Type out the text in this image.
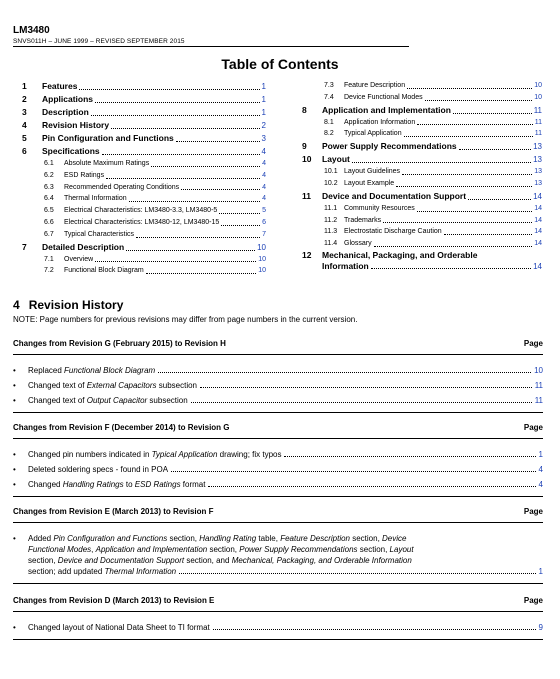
LM3480
SNVS011H – JUNE 1999 – REVISED SEPTEMBER 2015
Table of Contents
1	Features	1
2	Applications	1
3	Description	1
4	Revision History	2
5	Pin Configuration and Functions	3
6	Specifications	4
6.1	Absolute Maximum Ratings	4
6.2	ESD Ratings	4
6.3	Recommended Operating Conditions	4
6.4	Thermal Information	4
6.5	Electrical Characteristics: LM3480-3.3, LM3480-5	5
6.6	Electrical Characteristics: LM3480-12, LM3480-15	6
6.7	Typical Characteristics	7
7	Detailed Description	10
7.1	Overview	10
7.2	Functional Block Diagram	10
7.3	Feature Description	10
7.4	Device Functional Modes	10
8	Application and Implementation	11
8.1	Application Information	11
8.2	Typical Application	11
9	Power Supply Recommendations	13
10	Layout	13
10.1 Layout Guidelines	13
10.2 Layout Example	13
11	Device and Documentation Support	14
11.1 Community Resources	14
11.2 Trademarks	14
11.3 Electrostatic Discharge Caution	14
11.4 Glossary	14
12	Mechanical, Packaging, and Orderable
Information	14
4 Revision History
NOTE: Page numbers for previous revisions may differ from page numbers in the current version.
Changes from Revision G (February 2015) to Revision H	Page
•	Replaced Functional Block Diagram	10
•	Changed text of External Capacitors subsection	11
•	Changed text of Output Capacitor subsection	11
Changes from Revision F (December 2014) to Revision G	Page
•	Changed pin numbers indicated in Typical Application drawing; fix typos	1
•	Deleted soldering specs - found in POA	4
•	Changed Handling Ratings to ESD Ratings format	4
Changes from Revision E (March 2013) to Revision F	Page
•	Added Pin Configuration and Functions section, Handling Rating table, Feature Description section, Device
Functional Modes, Application and Implementation section, Power Supply Recommendations section, Layout
section, Device and Documentation Support section, and Mechanical, Packaging, and Orderable Information
section; add updated Thermal Information	1
Changes from Revision D (March 2013) to Revision E	Page
•	Changed layout of National Data Sheet to TI format	9
